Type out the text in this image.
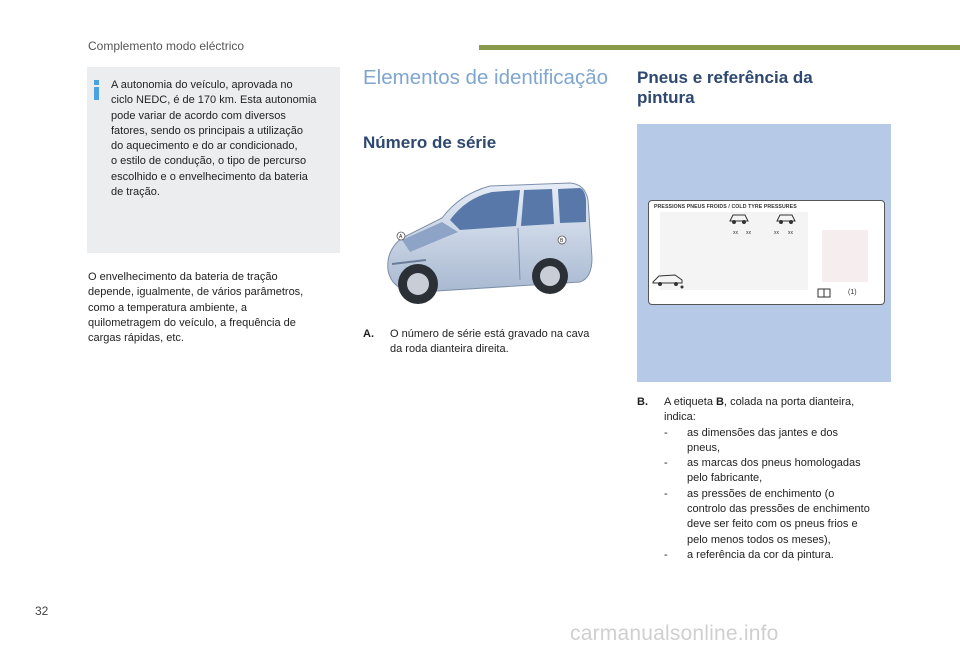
Complemento modo eléctrico
A autonomia do veículo, aprovada no
ciclo NEDC, é de 170 km. Esta autonomia
pode variar de acordo com diversos
fatores, sendo os principais a utilização
do aquecimento e do ar condicionado,
o estilo de condução, o tipo de percurso
escolhido e o envelhecimento da bateria
de tração.
O envelhecimento da bateria de tração
depende, igualmente, de vários parâmetros,
como a temperatura ambiente, a
quilometragem do veículo, a frequência de
cargas rápidas, etc.
Elementos de identificação
Número de série
A
B
A. O número de série está gravado na cava
da roda dianteira direita.
Pneus e referência da
pintura
PRESSIONS PNEUS FROIDS / COLD TYRE PRESSURES
xx xx	xx xx
(1)
B. A etiqueta B, colada na porta dianteira,
indica:
- as dimensões das jantes e dos
pneus,
- as marcas dos pneus homologadas
pelo fabricante,
- as pressões de enchimento (o
controlo das pressões de enchimento
deve ser feito com os pneus frios e
pelo menos todos os meses),
- a referência da cor da pintura.
32
carmanualsonline.info
